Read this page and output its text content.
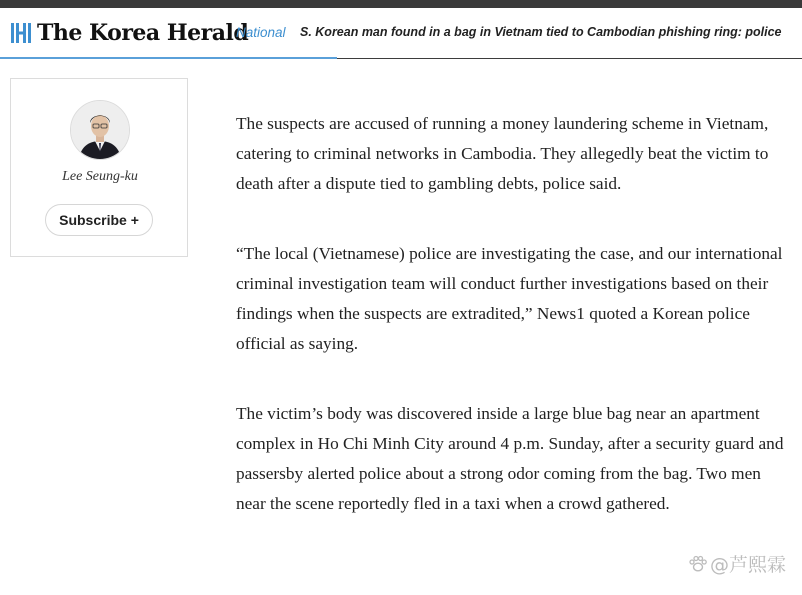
The Korea Herald
National S. Korean man found in a bag in Vietnam tied to Cambodian phishing ring: police
Lee Seung-ku
Subscribe +

The suspects are accused of running a money laundering scheme in Vietnam, catering to criminal networks in Cambodia. They allegedly beat the victim to death after a dispute tied to gambling debts, police said.

“The local (Vietnamese) police are investigating the case, and our international criminal investigation team will conduct further investigations based on their findings when the suspects are extradited,” News1 quoted a Korean police official as saying.

The victim’s body was discovered inside a large blue bag near an apartment complex in Ho Chi Minh City around 4 p.m. Sunday, after a security guard and passersby alerted police about a strong odor coming from the bag. Two men near the scene reportedly fled in a taxi when a crowd gathered.

@芦熙霖
